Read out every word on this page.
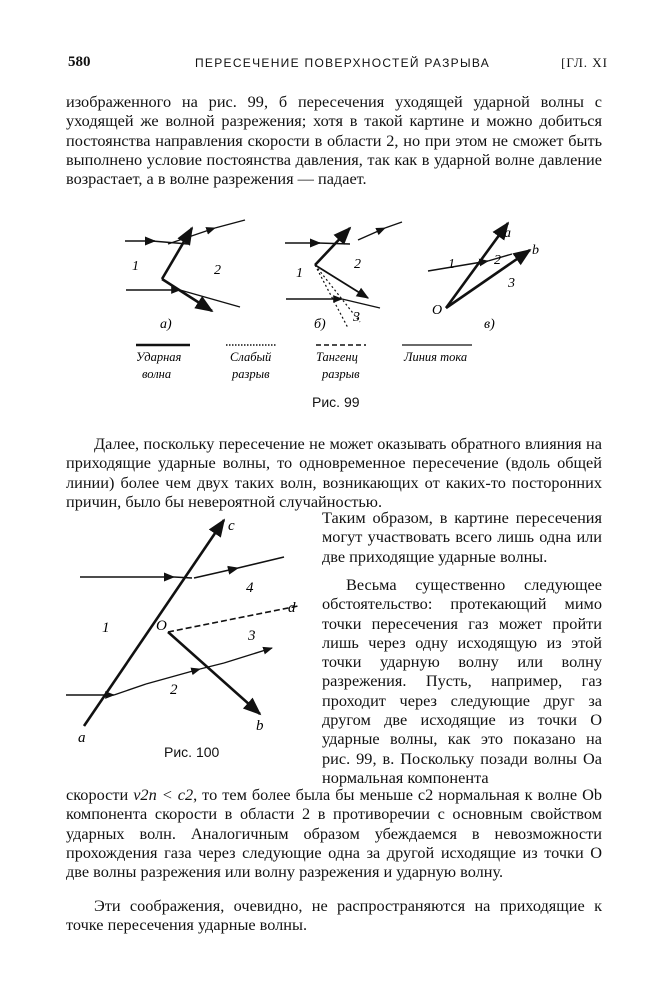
580	ПЕРЕСЕЧЕНИЕ ПОВЕРХНОСТЕЙ РАЗРЫВА	[ГЛ. XI

изображенного на рис. 99, б пересечения уходящей ударной волны с уходящей же волной разрежения; хотя в такой картине и можно добиться постоянства направления скорости в области 2, но при этом не сможет быть выполнено условие постоянства давления, так как в ударной волне давление возрастает, а в волне разрежения — падает.

1	2
а)
1
2
3
б)
1	2
3
a
b
O
в)
Ударная
волна
Слабый
разрыв
Тангенц
разрыв
Линия тока
Рис. 99

Далее, поскольку пересечение не может оказывать обратного влияния на приходящие ударные волны, то одновременное пересечение (вдоль общей линии) более чем двух таких волн, возникающих от каких-то посторонних причин, было бы невероятной случайностью.

c
d
b
a
O
1
2
3
4
Рис. 100

Таким образом, в картине пересечения могут участвовать всего лишь одна или две приходящие ударные волны.

Весьма существенно следующее обстоятельство: протекающий мимо точки пересечения газ может пройти лишь через одну исходящую из этой точки ударную волну или волну разрежения. Пусть, например, газ проходит через следующие друг за другом две исходящие из точки O ударные волны, как это показано на рис. 99, в. Поскольку позади волны Oa нормальная компонента

скорости v2n < c2, то тем более была бы меньше c2 нормальная к волне Ob компонента скорости в области 2 в противоречии с основным свойством ударных волн. Аналогичным образом убеждаемся в невозможности прохождения газа через следующие одна за другой исходящие из точки O две волны разрежения или волну разрежения и ударную волну.

Эти соображения, очевидно, не распространяются на приходящие к точке пересечения ударные волны.
